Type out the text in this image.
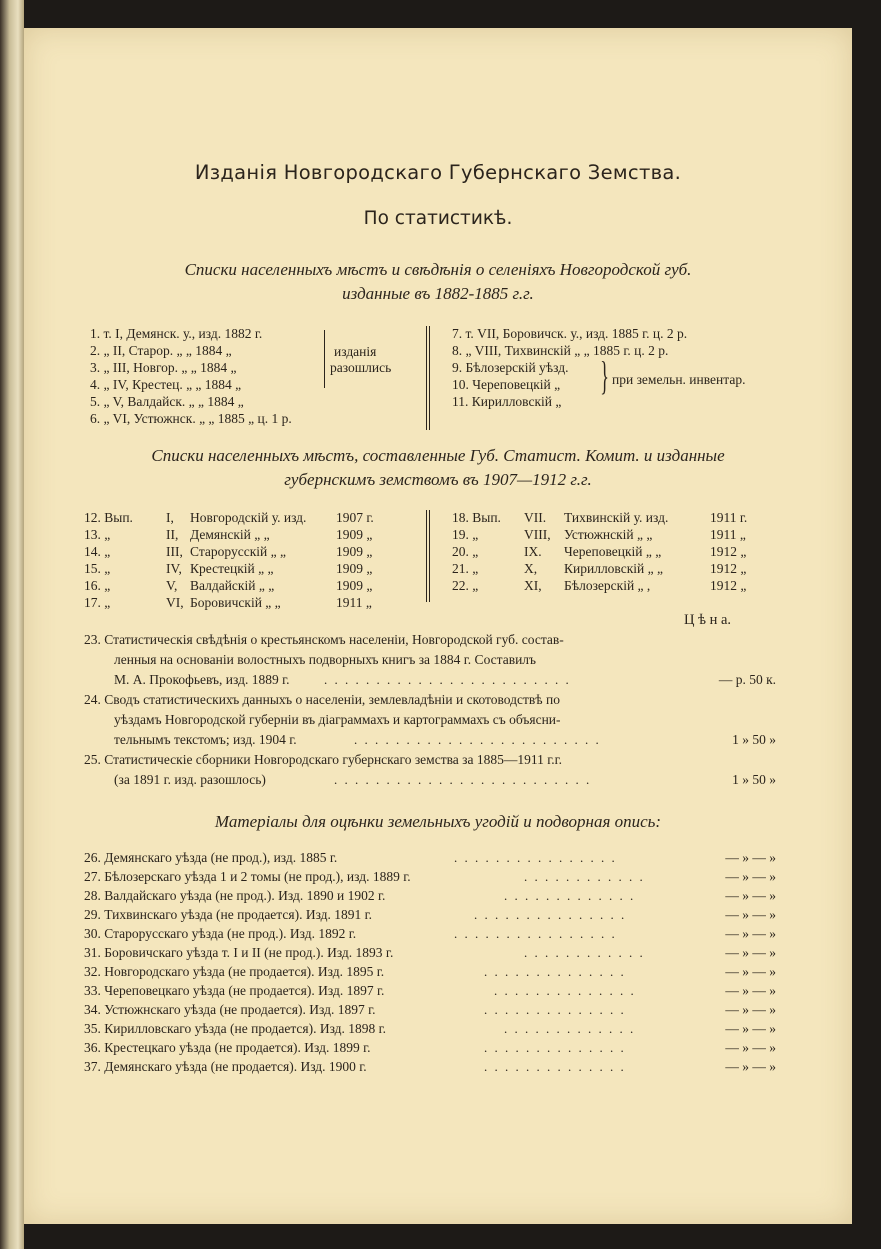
Изданія Новгородскаго Губернскаго Земства.
По статистикѣ.
Списки населенныхъ мѣстъ и свѣдѣнія о селеніяхъ Новгородской губ.
изданные въ 1882-1885 г.г.
1. т. I, Демянск. у., изд. 1882 г.
2. „ II, Старор. „ „ 1884 „
3. „ III, Новгор. „ „ 1884 „
4. „ IV, Крестец. „ „ 1884 „
5. „ V, Валдайск. „ „ 1884 „
6. „ VI, Устюжнск. „ „ 1885 „ ц. 1 р.
изданія
разошлись
7. т. VII, Боровичск. у., изд. 1885 г. ц. 2 р.
8. „ VIII, Тихвинскій „ „ 1885 г. ц. 2 р.
9. Бѣлозерскій уѣзд.
10. Череповецкій „
11. Кирилловскій „
} при земельн. инвентар.
Списки населенныхъ мѣстъ, составленные Губ. Статист. Комит. и изданные
губернскимъ земствомъ въ 1907—1912 г.г.
12. Вып. I, Новгородскій у. изд. 1907 г.
13. „	II, Демянскій „ „	1909 „
14. „	III, Старорусскій „ „	1909 „
15. „	IV, Крестецкій „ „	1909 „
16. „	V, Валдайскій „ „	1909 „
17. „	VI, Боровичскій „ „	1911 „
18. Вып. VII. Тихвинскій у. изд.	1911 г.
19. „	VIII, Устюжнскій „ „	1911 „
20. „	IX. Череповецкій „ „	1912 „
21. „	X, Кирилловскій „ „	1912 „
22. „	XI, Бѣлозерскій „ ,	1912 „
Ц ѣ н а.
23. Статистическія свѣдѣнія о крестьянскомъ населеніи, Новгородской губ. состав-
ленныя на основаніи волостныхъ подворныхъ книгъ за 1884 г. Составилъ
М. А. Прокофьевъ, изд. 1889 г.	. . . . . . . . . . . . . . . . . . . . . . . .	— р. 50 к.
24. Сводъ статистическихъ данныхъ о населеніи, землевладѣніи и скотоводствѣ по
уѣздамъ Новгородской губерніи въ діаграммахъ и картограммахъ съ объясни-
тельнымъ текстомъ; изд. 1904 г.	. . . . . . . . . . . . . . . . . . . . . . . .	1 » 50 »
25. Статистическіе сборники Новгородскаго губернскаго земства за 1885—1911 г.г.
(за 1891 г. изд. разошлось)	. . . . . . . . . . . . . . . . . . . . . . . . .	1 » 50 »
Матеріалы для оцѣнки земельныхъ угодій и подворная опись:
26. Демянскаго уѣзда (не прод.), изд. 1885 г.	. . . . . . . . . . . . . . . .	— » — »
27. Бѣлозерскаго уѣзда 1 и 2 томы (не прод.), изд. 1889 г.	. . . . . . . . . . . .	— » — »
28. Валдайскаго уѣзда (не прод.). Изд. 1890 и 1902 г.	. . . . . . . . . . . . .	— » — »
29. Тихвинскаго уѣзда (не продается). Изд. 1891 г.	. . . . . . . . . . . . . . .	— » — »
30. Старорусскаго уѣзда (не прод.). Изд. 1892 г.	. . . . . . . . . . . . . . . .	— » — »
31. Боровичскаго уѣзда т. I и II (не прод.). Изд. 1893 г.	. . . . . . . . . . . .	— » — »
32. Новгородскаго уѣзда (не продается). Изд. 1895 г.	. . . . . . . . . . . . . .	— » — »
33. Череповецкаго уѣзда (не продается). Изд. 1897 г.	. . . . . . . . . . . . . .	— » — »
34. Устюжнскаго уѣзда (не продается). Изд. 1897 г.	. . . . . . . . . . . . . .	— » — »
35. Кирилловскаго уѣзда (не продается). Изд. 1898 г.	. . . . . . . . . . . . .	— » — »
36. Крестецкаго уѣзда (не продается). Изд. 1899 г.	. . . . . . . . . . . . . .	— » — »
37. Демянскаго уѣзда (не продается). Изд. 1900 г.	. . . . . . . . . . . . . .	— » — »
